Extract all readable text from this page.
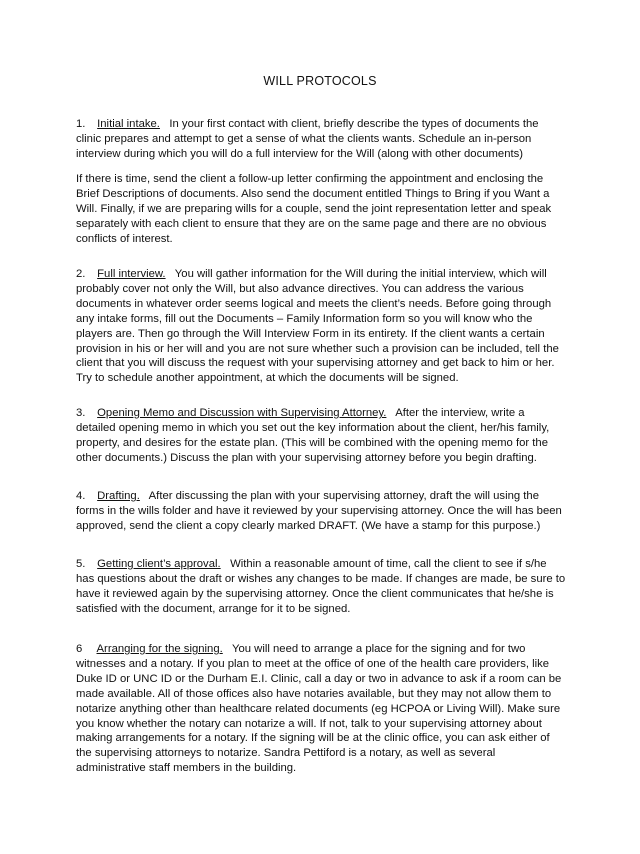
WILL PROTOCOLS

1. Initial intake. In your first contact with client, briefly describe the types of documents the clinic prepares and attempt to get a sense of what the clients wants. Schedule an in-person interview during which you will do a full interview for the Will (along with other documents)

If there is time, send the client a follow-up letter confirming the appointment and enclosing the Brief Descriptions of documents. Also send the document entitled Things to Bring if you Want a Will. Finally, if we are preparing wills for a couple, send the joint representation letter and speak separately with each client to ensure that they are on the same page and there are no obvious conflicts of interest.

2. Full interview. You will gather information for the Will during the initial interview, which will probably cover not only the Will, but also advance directives. You can address the various documents in whatever order seems logical and meets the client’s needs. Before going through any intake forms, fill out the Documents – Family Information form so you will know who the players are. Then go through the Will Interview Form in its entirety. If the client wants a certain provision in his or her will and you are not sure whether such a provision can be included, tell the client that you will discuss the request with your supervising attorney and get back to him or her. Try to schedule another appointment, at which the documents will be signed.

3. Opening Memo and Discussion with Supervising Attorney. After the interview, write a detailed opening memo in which you set out the key information about the client, her/his family, property, and desires for the estate plan. (This will be combined with the opening memo for the other documents.) Discuss the plan with your supervising attorney before you begin drafting.

4. Drafting. After discussing the plan with your supervising attorney, draft the will using the forms in the wills folder and have it reviewed by your supervising attorney. Once the will has been approved, send the client a copy clearly marked DRAFT. (We have a stamp for this purpose.)

5. Getting client’s approval. Within a reasonable amount of time, call the client to see if s/he has questions about the draft or wishes any changes to be made. If changes are made, be sure to have it reviewed again by the supervising attorney. Once the client communicates that he/she is satisfied with the document, arrange for it to be signed.

6 Arranging for the signing. You will need to arrange a place for the signing and for two witnesses and a notary. If you plan to meet at the office of one of the health care providers, like Duke ID or UNC ID or the Durham E.I. Clinic, call a day or two in advance to ask if a room can be made available. All of those offices also have notaries available, but they may not allow them to notarize anything other than healthcare related documents (eg HCPOA or Living Will). Make sure you know whether the notary can notarize a will. If not, talk to your supervising attorney about making arrangements for a notary. If the signing will be at the clinic office, you can ask either of the supervising attorneys to notarize. Sandra Pettiford is a notary, as well as several administrative staff members in the building.
